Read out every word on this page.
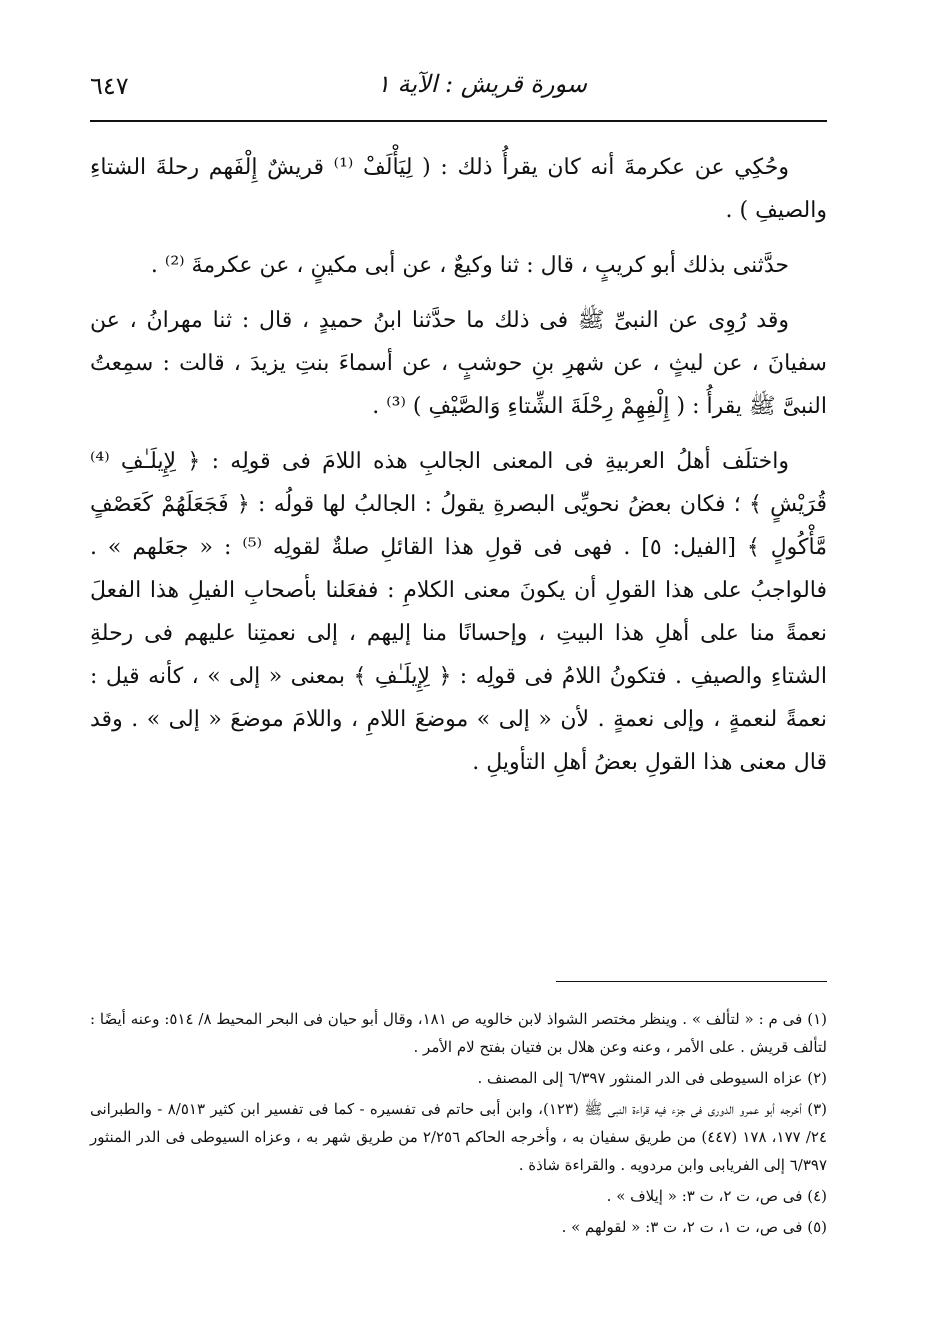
سورة قريش : الآية ١
٦٤٧

وحُكِي عن عكرمةَ أنه كان يقرأُ ذلك : ( لِيَأْلَفْ ⁽¹⁾ قريشٌ إِلْفَهم رحلةَ الشتاءِ والصيفِ ) .

حدَّثنى بذلك أبو كريبٍ ، قال : ثنا وكيعٌ ، عن أبى مكينٍ ، عن عكرمةَ ⁽²⁾ .

وقد رُوِى عن النبىِّ ﷺ فى ذلك ما حدَّثنا ابنُ حميدٍ ، قال : ثنا مهرانُ ، عن سفيانَ ، عن ليثٍ ، عن شهرِ بنِ حوشبٍ ، عن أسماءَ بنتِ يزيدَ ، قالت : سمِعتُ النبىَّ ﷺ يقرأُ : ( إِلْفِهِمْ رِحْلَةَ الشِّتاءِ وَالصَّيْفِ ) ⁽³⁾ .

واختلَف أهلُ العربيةِ فى المعنى الجالبِ هذه اللامَ فى قولِه : ﴿ لِإِيلَـٰفِ ⁽⁴⁾ قُرَيْشٍ ﴾ ؛ فكان بعضُ نحويِّى البصرةِ يقولُ : الجالبُ لها قولُه : ﴿ فَجَعَلَهُمْ كَعَصْفٍ مَّأْكُولٍ ﴾ [الفيل: ٥] . فهى فى قولِ هذا القائلِ صلةٌ لقولِه ⁽⁵⁾ : « جعَلهم » . فالواجبُ على هذا القولِ أن يكونَ معنى الكلامِ : ففعَلنا بأصحابِ الفيلِ هذا الفعلَ نعمةً منا على أهلِ هذا البيتِ ، وإحسانًا منا إليهم ، إلى نعمتِنا عليهم فى رحلةِ الشتاءِ والصيفِ . فتكونُ اللامُ فى قولِه : ﴿ لِإِيلَـٰفِ ﴾ بمعنى « إلى » ، كأنه قيل : نعمةً لنعمةٍ ، وإلى نعمةٍ . لأن « إلى » موضعَ اللامِ ، واللامَ موضعَ « إلى » . وقد قال معنى هذا القولِ بعضُ أهلِ التأويلِ .

(١) فى م : « لتألف » . وينظر مختصر الشواذ لابن خالويه ص ١٨١، وقال أبو حيان فى البحر المحيط ٨/ ٥١٤: وعنه أيضًا : لتألف قريش . على الأمر ، وعنه وعن هلال بن فتيان بفتح لام الأمر .

(٢) عزاه السيوطى فى الدر المنثور ٦/٣٩٧ إلى المصنف .

(٣) أخرجه أبو عمرو الدورى فى جزء فيه قراءة النبى ﷺ (١٢٣)، وابن أبى حاتم فى تفسيره - كما فى تفسير ابن كثير ٨/٥١٣ - والطبرانى ٢٤/ ١٧٧، ١٧٨ (٤٤٧) من طريق سفيان به ، وأخرجه الحاكم ٢/٢٥٦ من طريق شهر به ، وعزاه السيوطى فى الدر المنثور ٦/٣٩٧ إلى الفريابى وابن مردويه . والقراءة شاذة .

(٤) فى ص، ت ٢، ت ٣: « إيلاف » .

(٥) فى ص، ت ١، ت ٢، ت ٣: « لقولهم » .
